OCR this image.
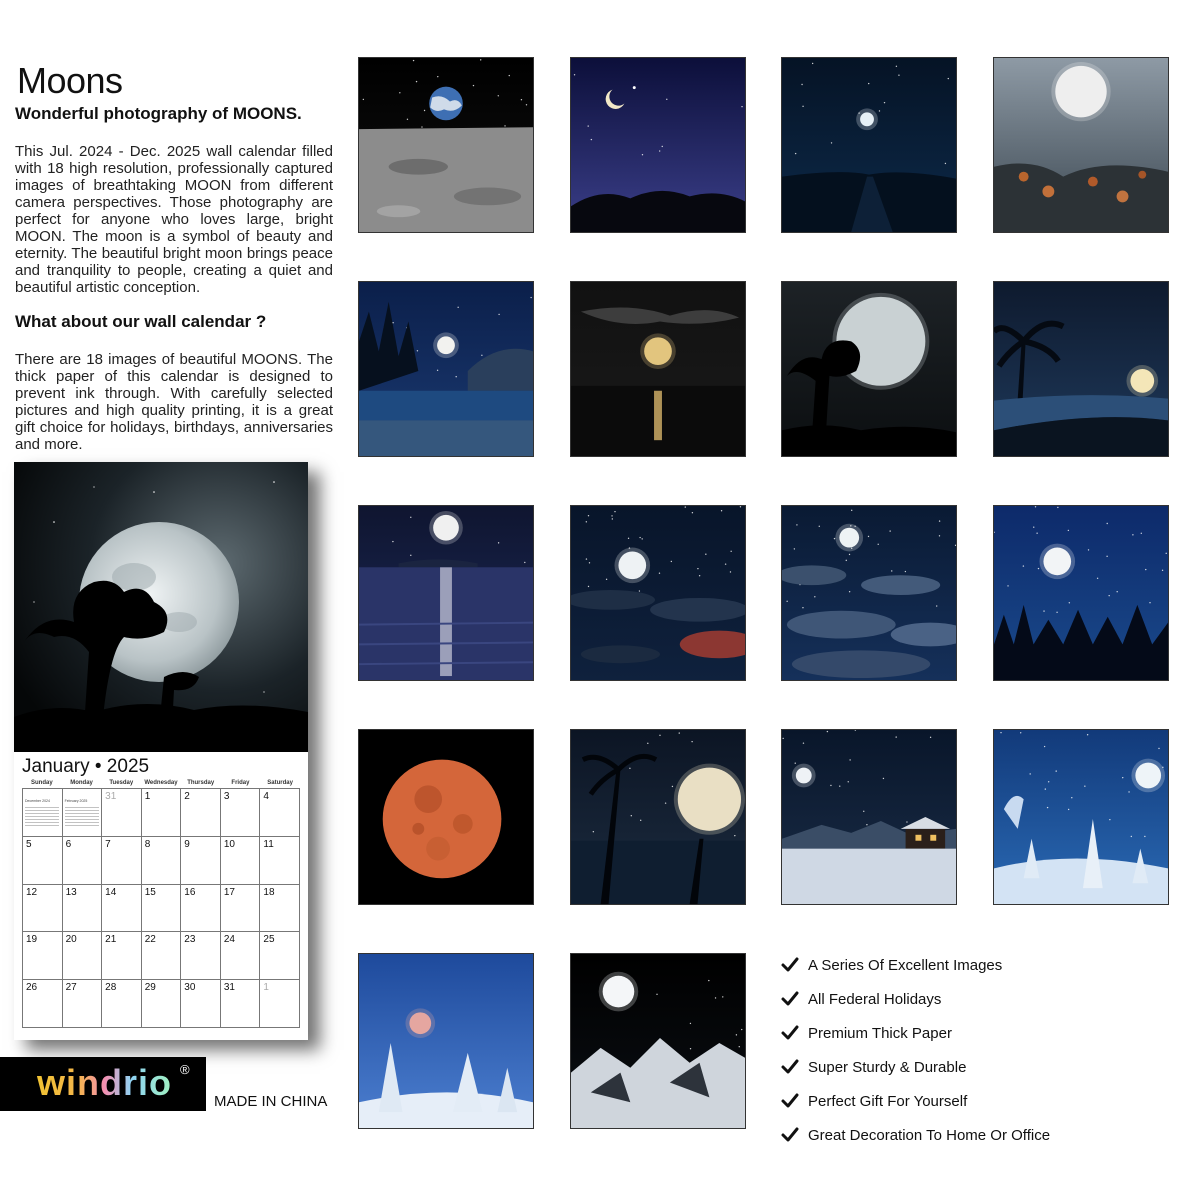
Moons
Wonderful photography of MOONS.

This Jul. 2024 - Dec. 2025 wall calendar filled with 18 high resolution, professionally captured images of breathtaking MOON from different camera perspectives. Those photography are perfect for anyone who loves large, bright MOON. The moon is a symbol of beauty and eternity. The beautiful bright moon brings peace and tranquility to people, creating a quiet and beautiful artistic conception.

What about our wall calendar ?

There are 18 images of beautiful MOONS. The thick paper of this calendar is designed to prevent ink through. With carefully selected pictures and high quality printing, it is a great gift choice for holidays, birthdays, anniversaries and more.

January • 2025
Sunday	Monday	Tuesday	Wednesday	Thursday	Friday	Saturday
December 2024	February 2025	31	1	2	3	4
5	6	7	8	9	10	11
12	13	14	15	16	17	18
19	20	21	22	23	24	25
26	27	28	29	30	31	1
windrio ®
MADE IN CHINA
A Series Of Excellent Images
All Federal Holidays
Premium Thick Paper
Super Sturdy & Durable
Perfect Gift For Yourself
Great Decoration To Home Or Office
